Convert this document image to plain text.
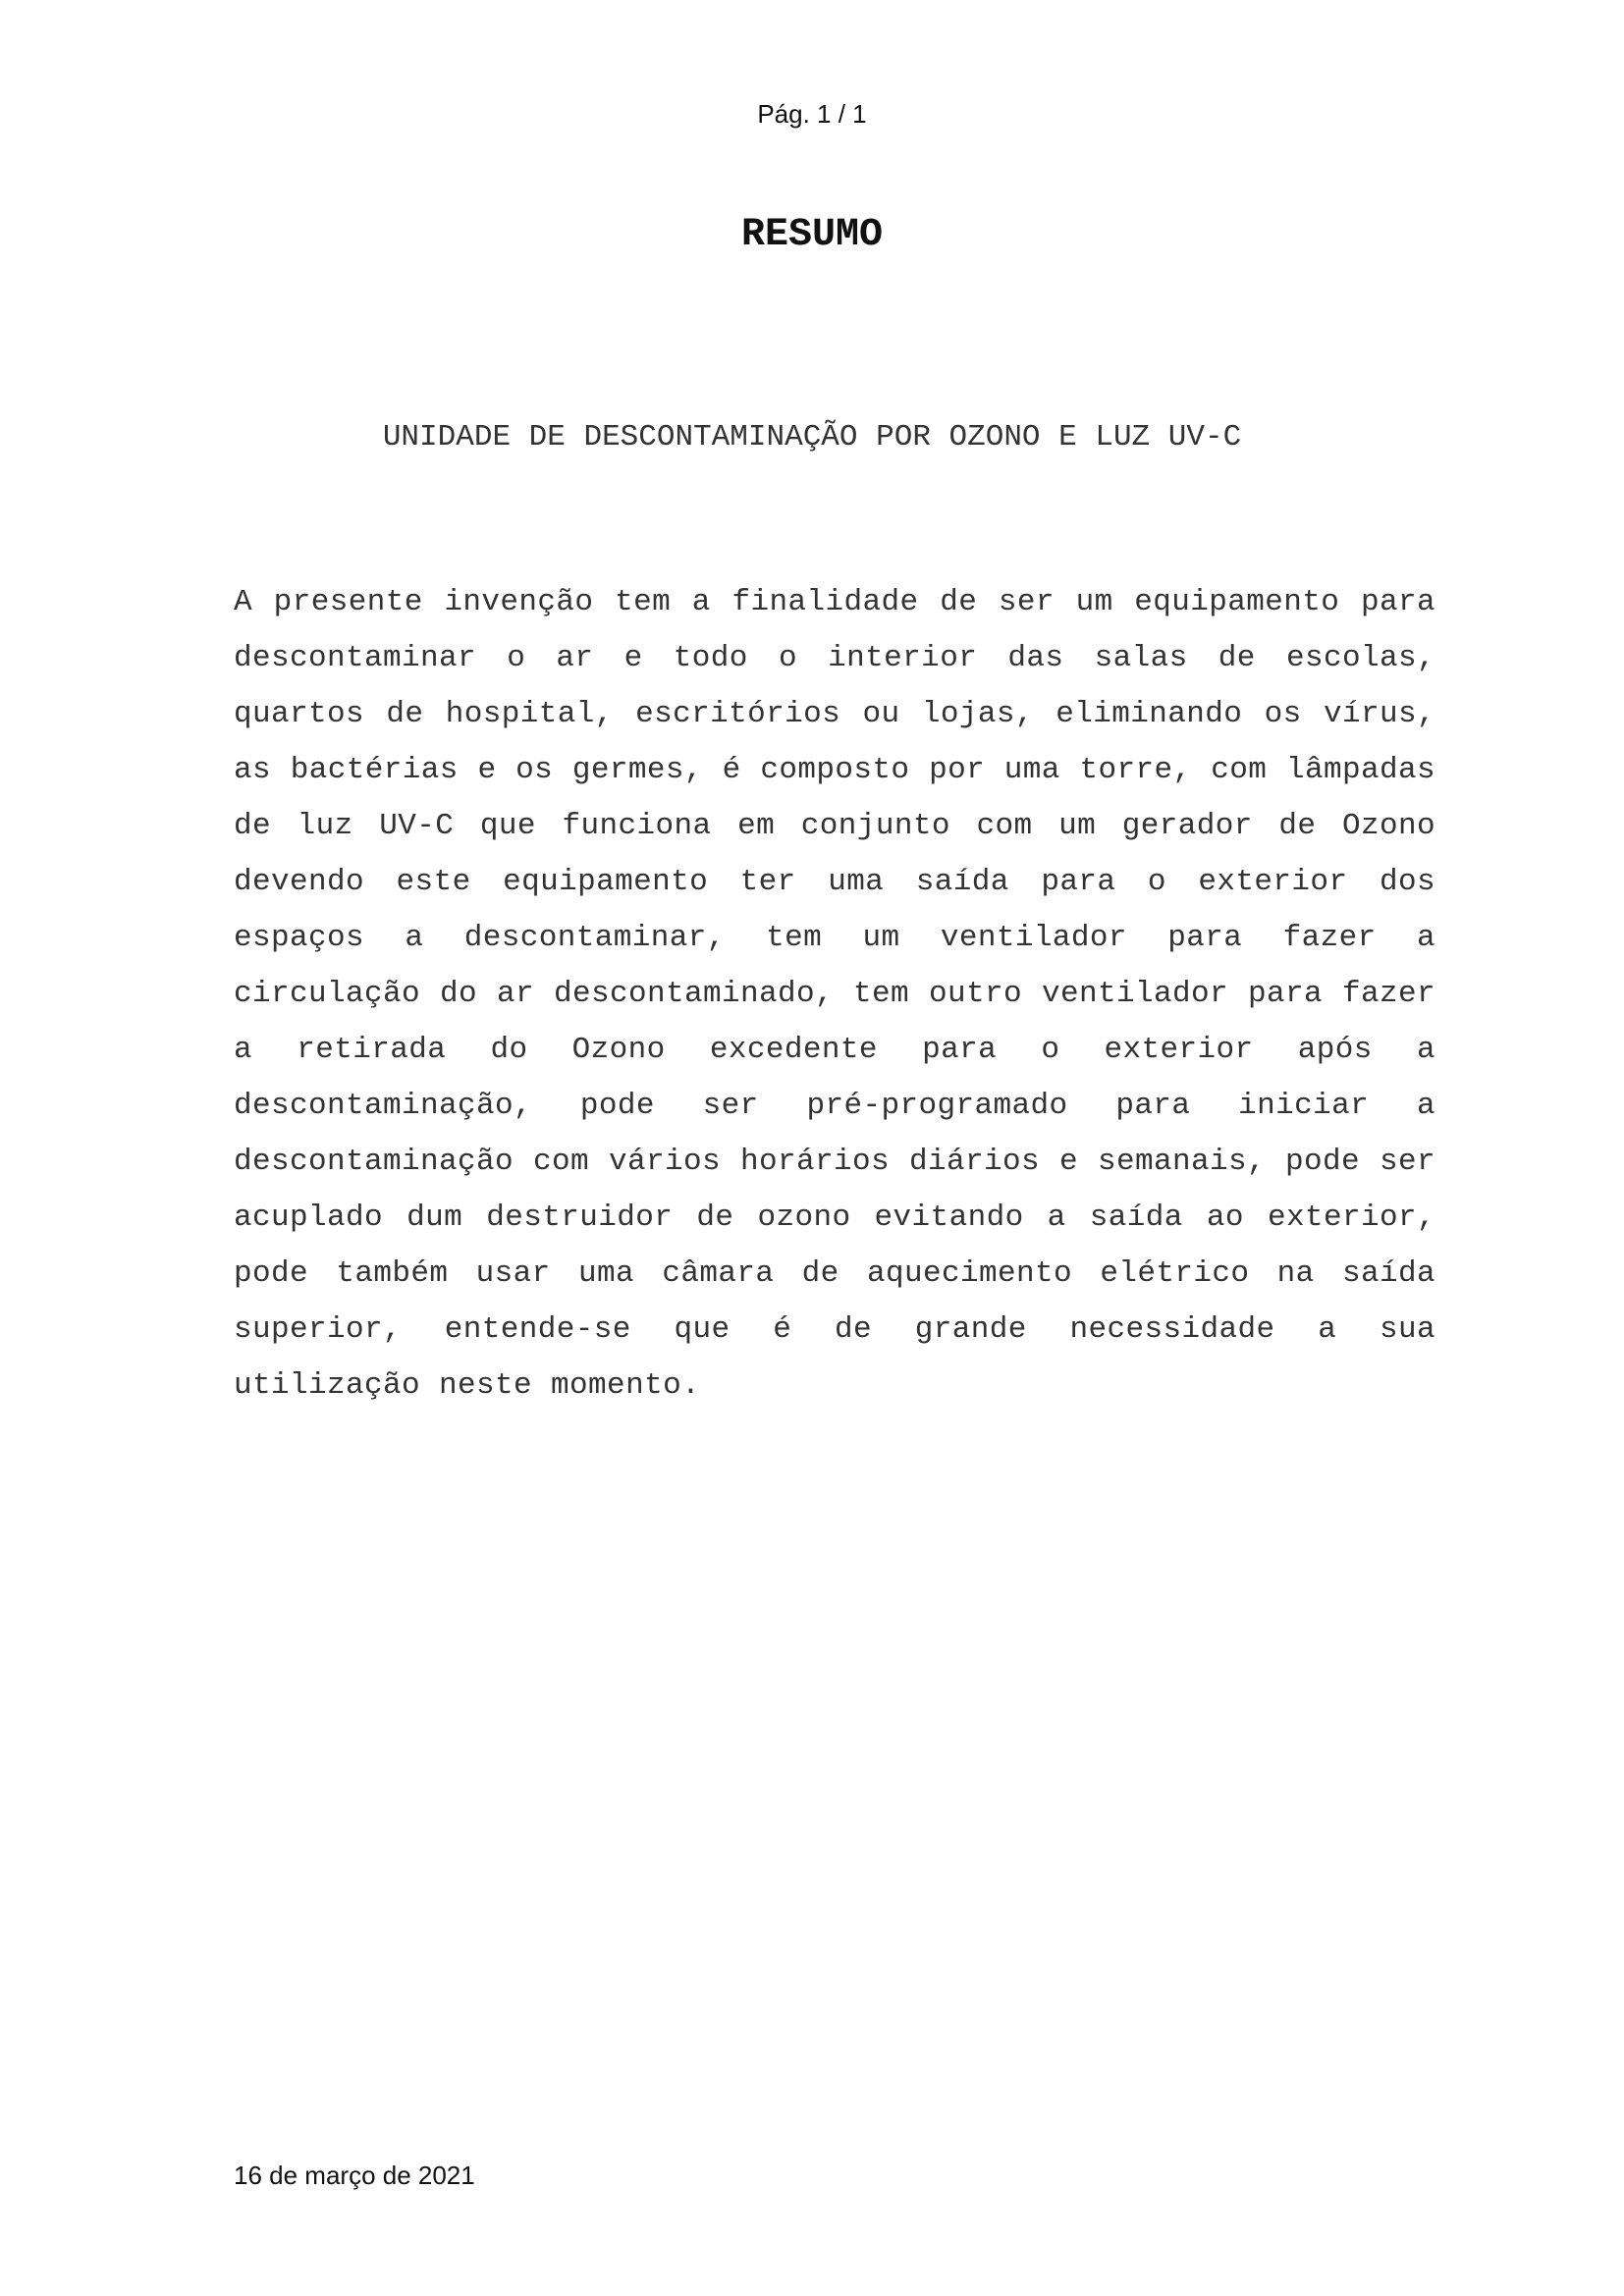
Pág. 1 / 1
RESUMO
UNIDADE DE DESCONTAMINAÇÃO POR OZONO E LUZ UV-C

A presente invenção tem a finalidade de ser um equipamento para descontaminar o ar e todo o interior das salas de escolas, quartos de hospital, escritórios ou lojas, eliminando os vírus, as bactérias e os germes, é composto por uma torre, com lâmpadas de luz UV-C que funciona em conjunto com um gerador de Ozono devendo este equipamento ter uma saída para o exterior dos espaços a descontaminar, tem um ventilador para fazer a circulação do ar descontaminado, tem outro ventilador para fazer a retirada do Ozono excedente para o exterior após a descontaminação, pode ser pré-programado para iniciar a descontaminação com vários horários diários e semanais, pode ser acuplado dum destruidor de ozono evitando a saída ao exterior, pode também usar uma câmara de aquecimento elétrico na saída superior, entende-se que é de grande necessidade a sua utilização neste momento.

16 de março de 2021
